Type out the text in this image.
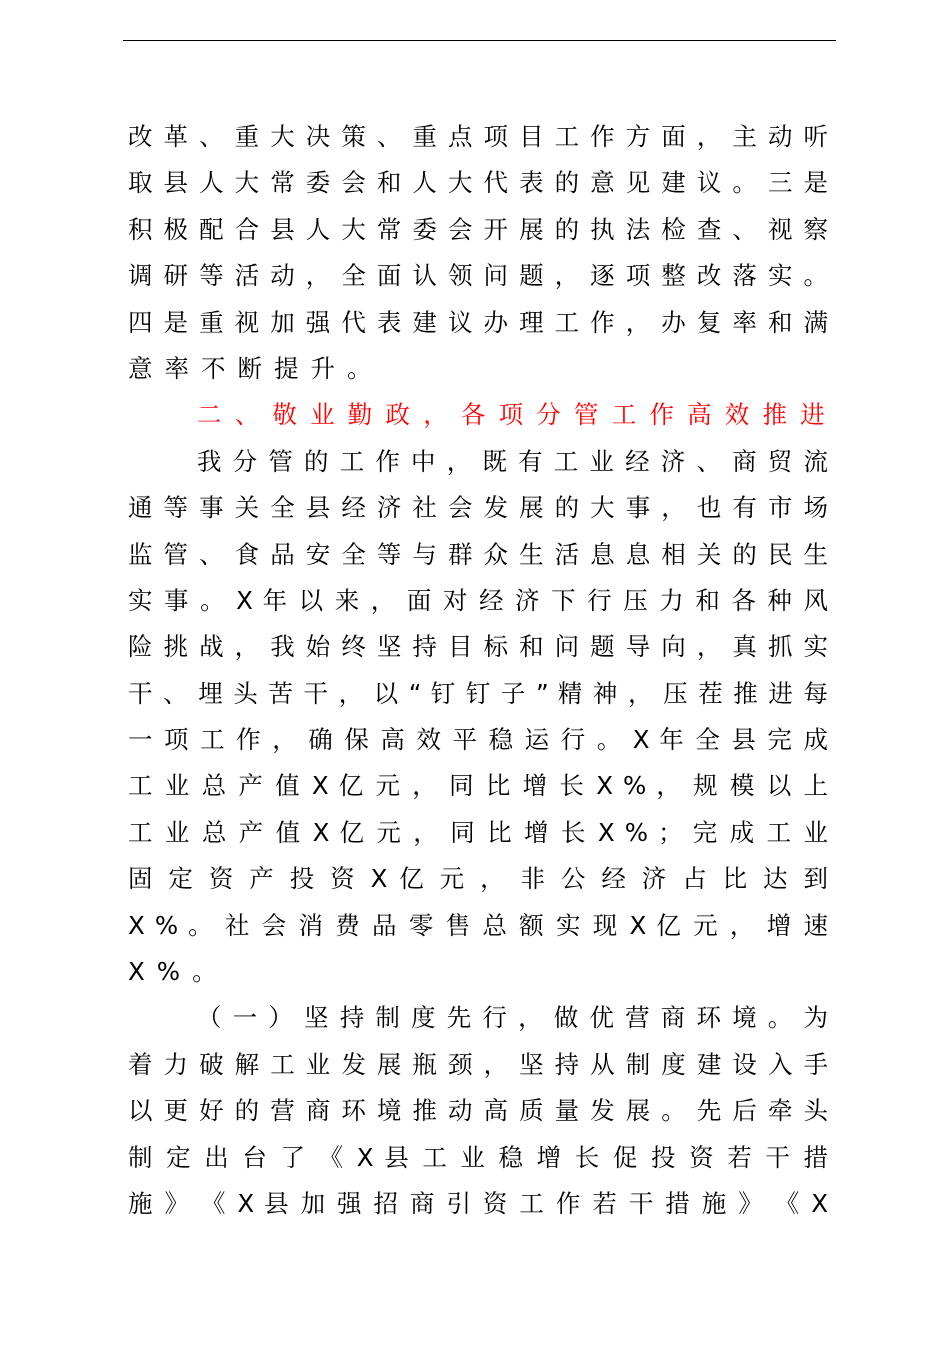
改 革 、 重 大 决 策 、 重 点 项 目 工 作 方 面 ， 主 动 听
取 县 人 大 常 委 会 和 人 大 代 表 的 意 见 建 议 。 三 是
积 极 配 合 县 人 大 常 委 会 开 展 的 执 法 检 查 、 视 察
调 研 等 活 动 ， 全 面 认 领 问 题 ， 逐 项 整 改 落 实 。
四 是 重 视 加 强 代 表 建 议 办 理 工 作 ， 办 复 率 和 满
意率不断提升。
二、敬业勤政，各项分管工作高效推进
我 分 管 的 工 作 中 ， 既 有 工 业 经 济 、 商 贸 流
通 等 事 关 全 县 经 济 社 会 发 展 的 大 事 ， 也 有 市 场
监 管 、 食 品 安 全 等 与 群 众 生 活 息 息 相 关 的 民 生
实 事 。 X 年 以 来 ， 面 对 经 济 下 行 压 力 和 各 种 风
险 挑 战 ， 我 始 终 坚 持 目 标 和 问 题 导 向 ， 真 抓 实
干 、 埋 头 苦 干 ， 以 “ 钉 钉 子 ” 精 神 ， 压 茬 推 进 每
一 项 工 作 ， 确 保 高 效 平 稳 运 行 。 X 年 全 县 完 成
工 业 总 产 值 X 亿 元 ， 同 比 增 长 X % ， 规 模 以 上
工 业 总 产 值 X 亿 元 ， 同 比 增 长 X % ； 完 成 工 业
固 定 资 产 投 资 X 亿 元 ， 非 公 经 济 占 比 达 到
X % 。 社 会 消 费 品 零 售 总 额 实 现 X 亿 元 ， 增 速
X%。
（ 一 ） 坚 持 制 度 先 行 ， 做 优 营 商 环 境 。 为
着 力 破 解 工 业 发 展 瓶 颈 ， 坚 持 从 制 度 建 设 入 手
以 更 好 的 营 商 环 境 推 动 高 质 量 发 展 。 先 后 牵 头
制 定 出 台 了 《 X 县 工 业 稳 增 长 促 投 资 若 干 措
施 》 《 X 县 加 强 招 商 引 资 工 作 若 干 措 施 》 《 X
